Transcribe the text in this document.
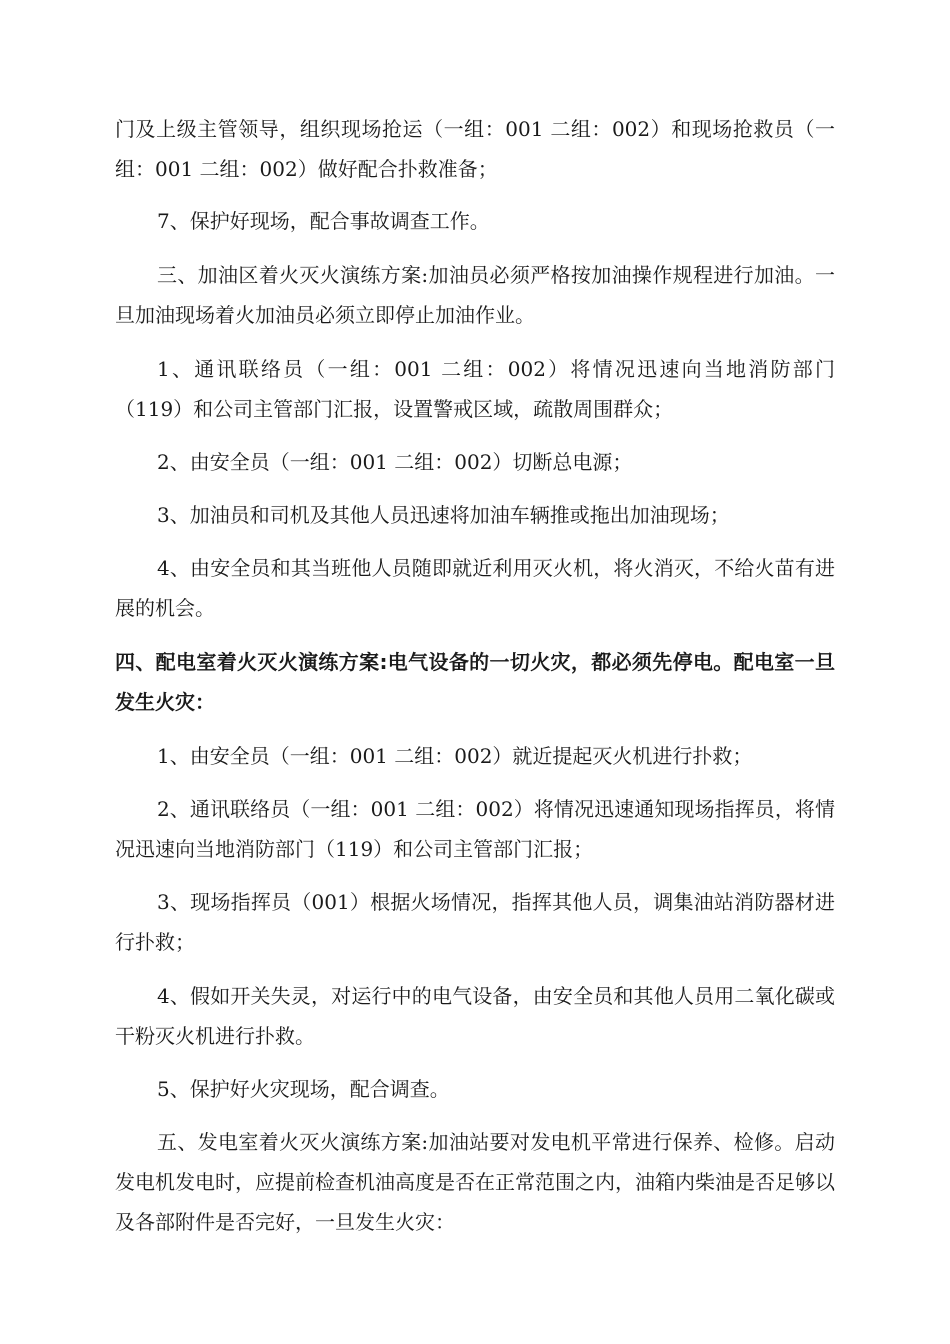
门及上级主管领导，组织现场抢运（一组：001 二组：002）和现场抢救员（一组：001 二组：002）做好配合扑救准备；

7、保护好现场，配合事故调查工作。

三、加油区着火灭火演练方案:加油员必须严格按加油操作规程进行加油。一旦加油现场着火加油员必须立即停止加油作业。

1、通讯联络员（一组：001 二组：002）将情况迅速向当地消防部门（119）和公司主管部门汇报，设置警戒区域，疏散周围群众；

2、由安全员（一组：001 二组：002）切断总电源；

3、加油员和司机及其他人员迅速将加油车辆推或拖出加油现场；

4、由安全员和其当班他人员随即就近利用灭火机，将火消灭，不给火苗有进展的机会。

四、配电室着火灭火演练方案:电气设备的一切火灾，都必须先停电。配电室一旦发生火灾：

1、由安全员（一组：001 二组：002）就近提起灭火机进行扑救；

2、通讯联络员（一组：001 二组：002）将情况迅速通知现场指挥员，将情况迅速向当地消防部门（119）和公司主管部门汇报；

3、现场指挥员（001）根据火场情况，指挥其他人员，调集油站消防器材进行扑救；

4、假如开关失灵，对运行中的电气设备，由安全员和其他人员用二氧化碳或干粉灭火机进行扑救。

5、保护好火灾现场，配合调查。

五、发电室着火灭火演练方案:加油站要对发电机平常进行保养、检修。启动发电机发电时，应提前检查机油高度是否在正常范围之内，油箱内柴油是否足够以及各部附件是否完好，一旦发生火灾：
